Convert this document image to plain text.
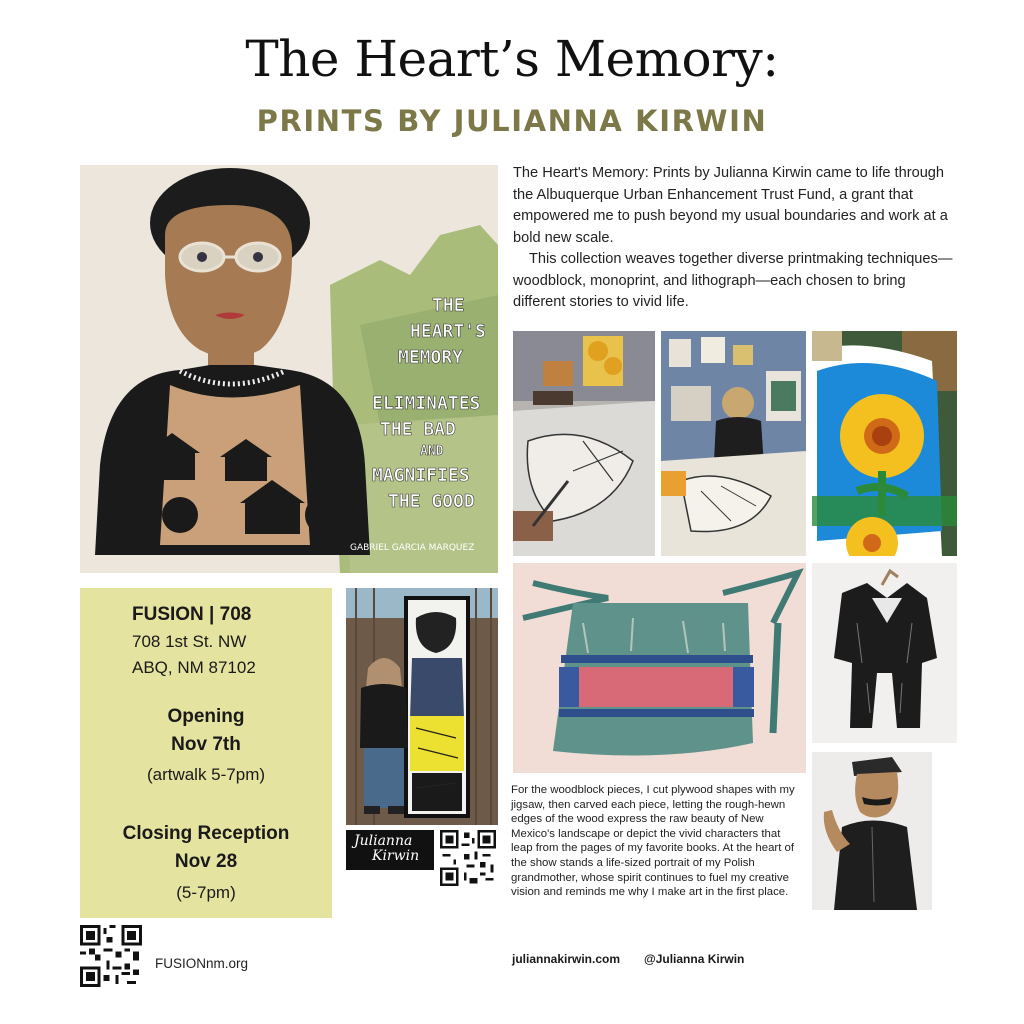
The Heart’s Memory:
PRINTS BY JULIANNA KIRWIN
THE
HEART'S
MEMORY
ELIMINATES
THE BAD
AND
MAGNIFIES
THE GOOD
GABRIEL GARCIA MARQUEZ

The Heart's Memory: Prints by Julianna Kirwin came to life through the Albuquerque Urban Enhancement Trust Fund, a grant that empowered me to push beyond my usual boundaries and work at a bold new scale.

This collection weaves together diverse printmaking techniques—woodblock, monoprint, and lithograph—each chosen to bring different stories to vivid life.

FUSION | 708
708 1st St. NW
ABQ, NM 87102
Opening
Nov 7th
(artwalk 5-7pm)
Closing Reception
Nov 28
(5-7pm)
FUSIONnm.org
Julianna
Kirwin
For the woodblock pieces, I cut plywood shapes with my jigsaw, then carved each piece, letting the rough-hewn edges of the wood express the raw beauty of New Mexico's landscape or depict the vivid characters that leap from the pages of my favorite books. At the heart of the show stands a life-sized portrait of my Polish grandmother, whose spirit continues to fuel my creative vision and reminds me why I make art in the first place.
juliannakirwin.com @Julianna Kirwin
